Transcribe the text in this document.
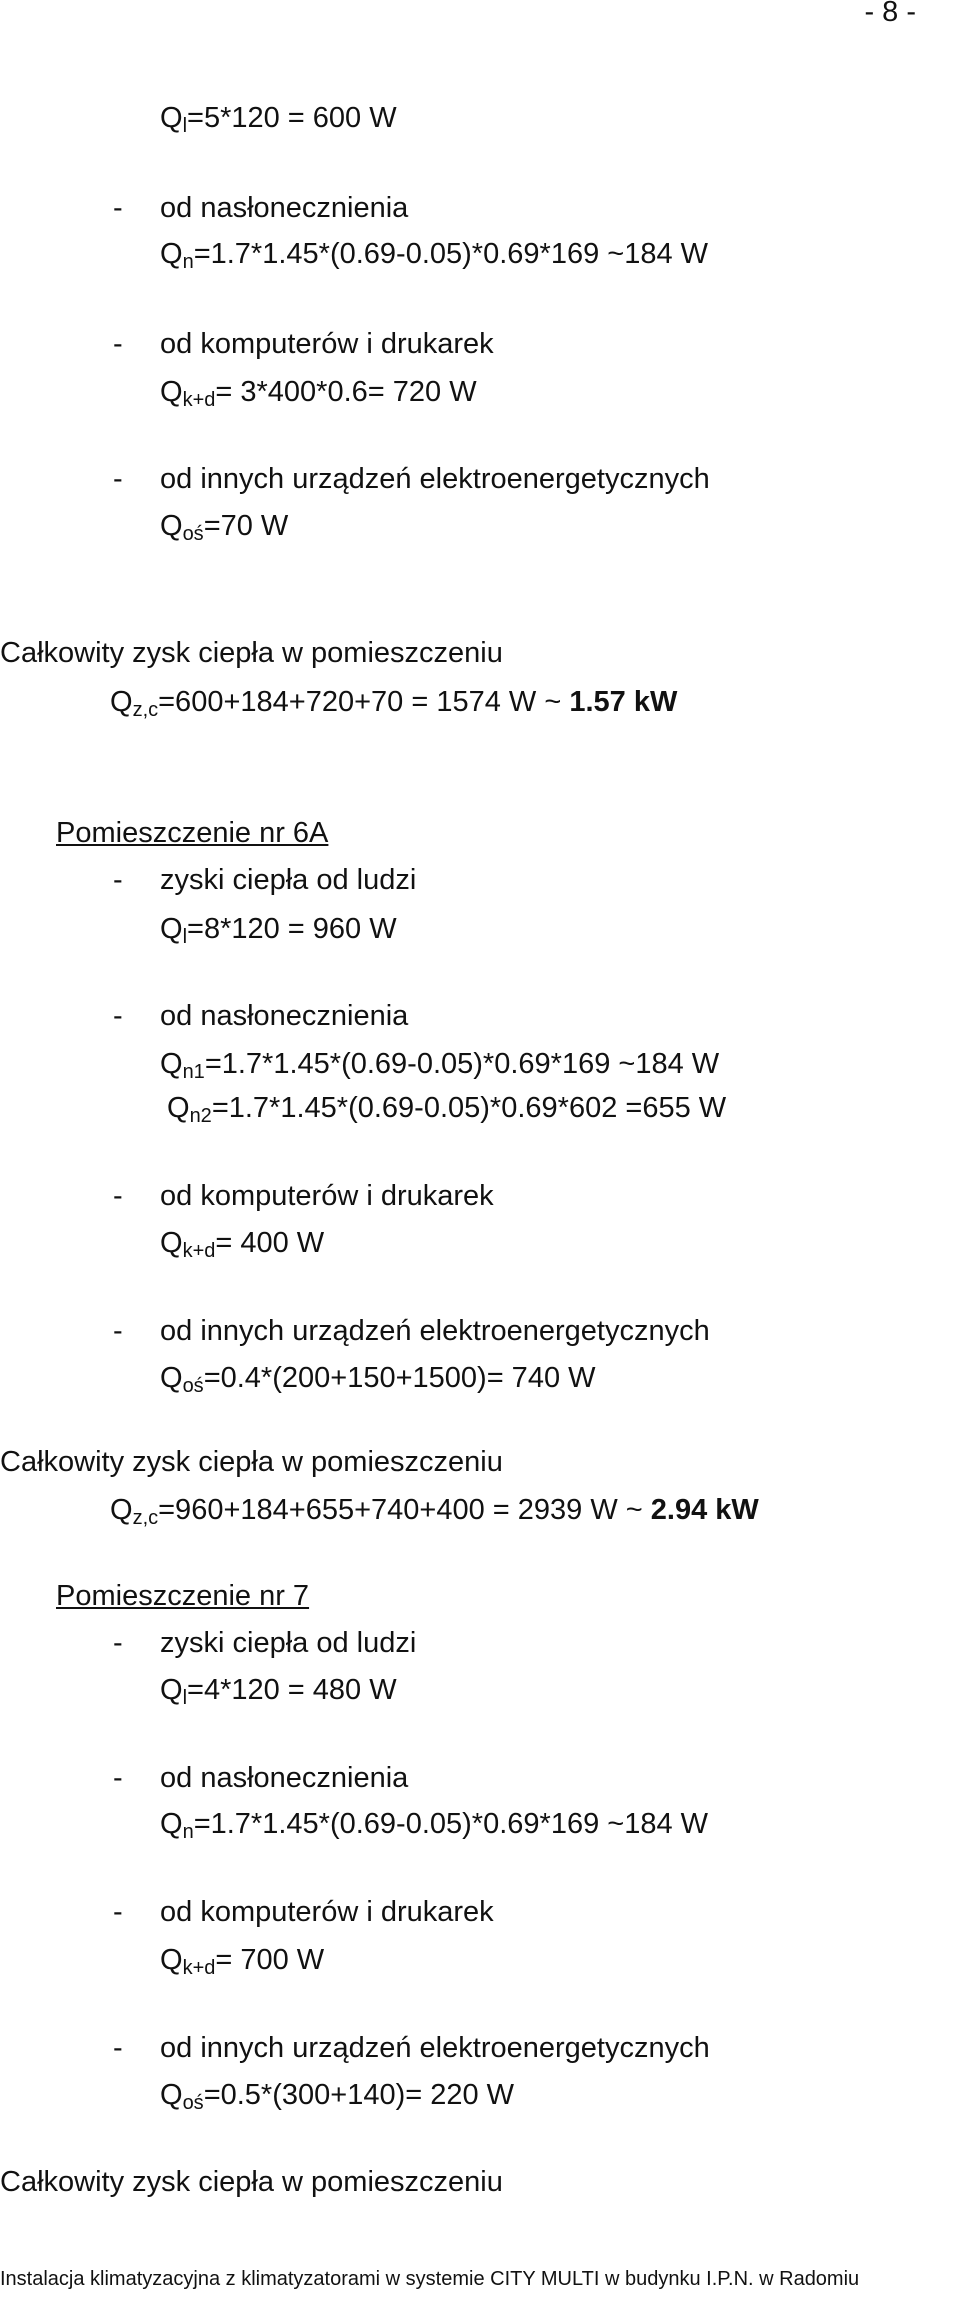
- 8 -
$Q_l=5*120 = 600$ W
- od nasłonecznienia
$Q_n=1.7*1.45*(0.69-0.05)*0.69*169$ ~184 W
- od komputerów i drukarek
$Q_{k+d}= 3*400*0.6= 720$ W
- od innych urządzeń elektroenergetycznych
$Q_{oś}=70$ W
Całkowity zysk ciepła w pomieszczeniu
$Q_{z,c}=600+184+720+70 = 1574$ W ~ 1.57 kW
Pomieszczenie nr 6A
- zyski ciepła od ludzi
$Q_l=8*120 = 960$ W
- od nasłonecznienia
$Q_{n1}=1.7*1.45*(0.69-0.05)*0.69*169$ ~184 W
$Q_{n2}=1.7*1.45*(0.69-0.05)*0.69*602 =655$ W
- od komputerów i drukarek
$Q_{k+d}= 400$ W
- od innych urządzeń elektroenergetycznych
$Q_{oś}=0.4*(200+150+1500)= 740$ W
Całkowity zysk ciepła w pomieszczeniu
$Q_{z,c}=960+184+655+740+400 = 2939$ W ~ 2.94 kW
Pomieszczenie nr 7
- zyski ciepła od ludzi
$Q_l=4*120 = 480$ W
- od nasłonecznienia
$Q_n=1.7*1.45*(0.69-0.05)*0.69*169$ ~184 W
- od komputerów i drukarek
$Q_{k+d}= 700$ W
- od innych urządzeń elektroenergetycznych
$Q_{oś}=0.5*(300+140)= 220$ W
Całkowity zysk ciepła w pomieszczeniu
Instalacja klimatyzacyjna z klimatyzatorami w systemie CITY MULTI w budynku I.P.N. w Radomiu
